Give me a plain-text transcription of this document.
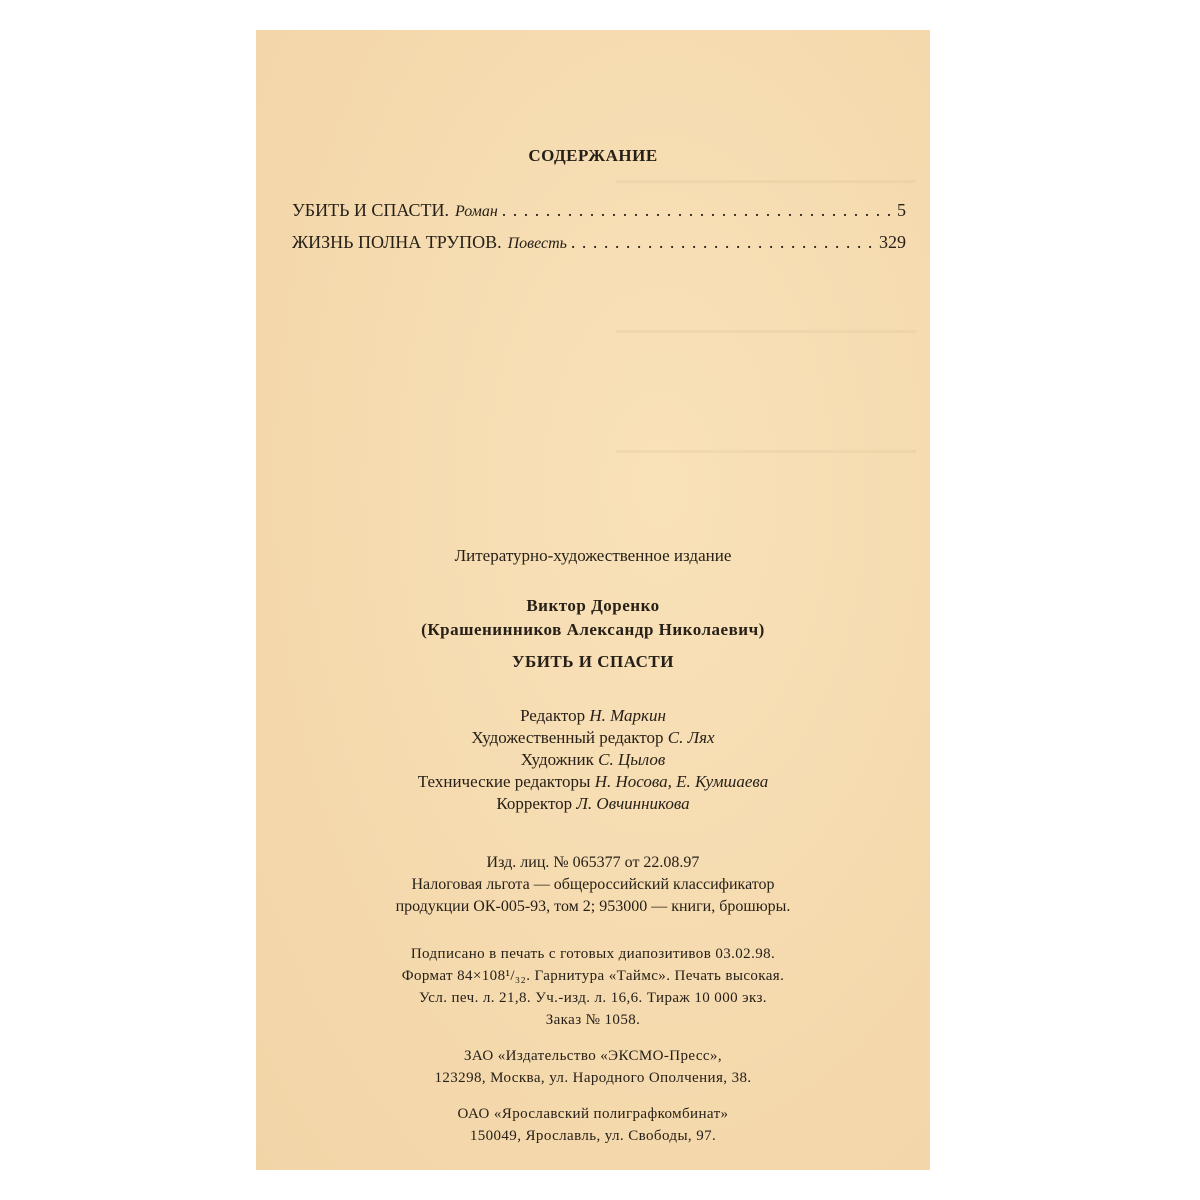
СОДЕРЖАНИЕ
УБИТЬ И СПАСТИ. Роман . . .	5
ЖИЗНЬ ПОЛНА ТРУПОВ. Повесть . . .	329
Литературно-художественное издание
Виктор Доренко
(Крашенинников Александр Николаевич)
УБИТЬ И СПАСТИ
Редактор Н. Маркин
Художественный редактор С. Лях
Художник С. Цылов
Технические редакторы Н. Носова, Е. Кумшаева
Корректор Л. Овчинникова
Изд. лиц. № 065377 от 22.08.97
Налоговая льгота — общероссийский классификатор
продукции ОК-005-93, том 2; 953000 — книги, брошюры.
Подписано в печать с готовых диапозитивов 03.02.98.
Формат 84×108¹/₃₂. Гарнитура «Таймс». Печать высокая.
Усл. печ. л. 21,8. Уч.-изд. л. 16,6. Тираж 10 000 экз.
Заказ № 1058.
ЗАО «Издательство «ЭКСМО-Пресс»,
123298, Москва, ул. Народного Ополчения, 38.
ОАО «Ярославский полиграфкомбинат»
150049, Ярославль, ул. Свободы, 97.
